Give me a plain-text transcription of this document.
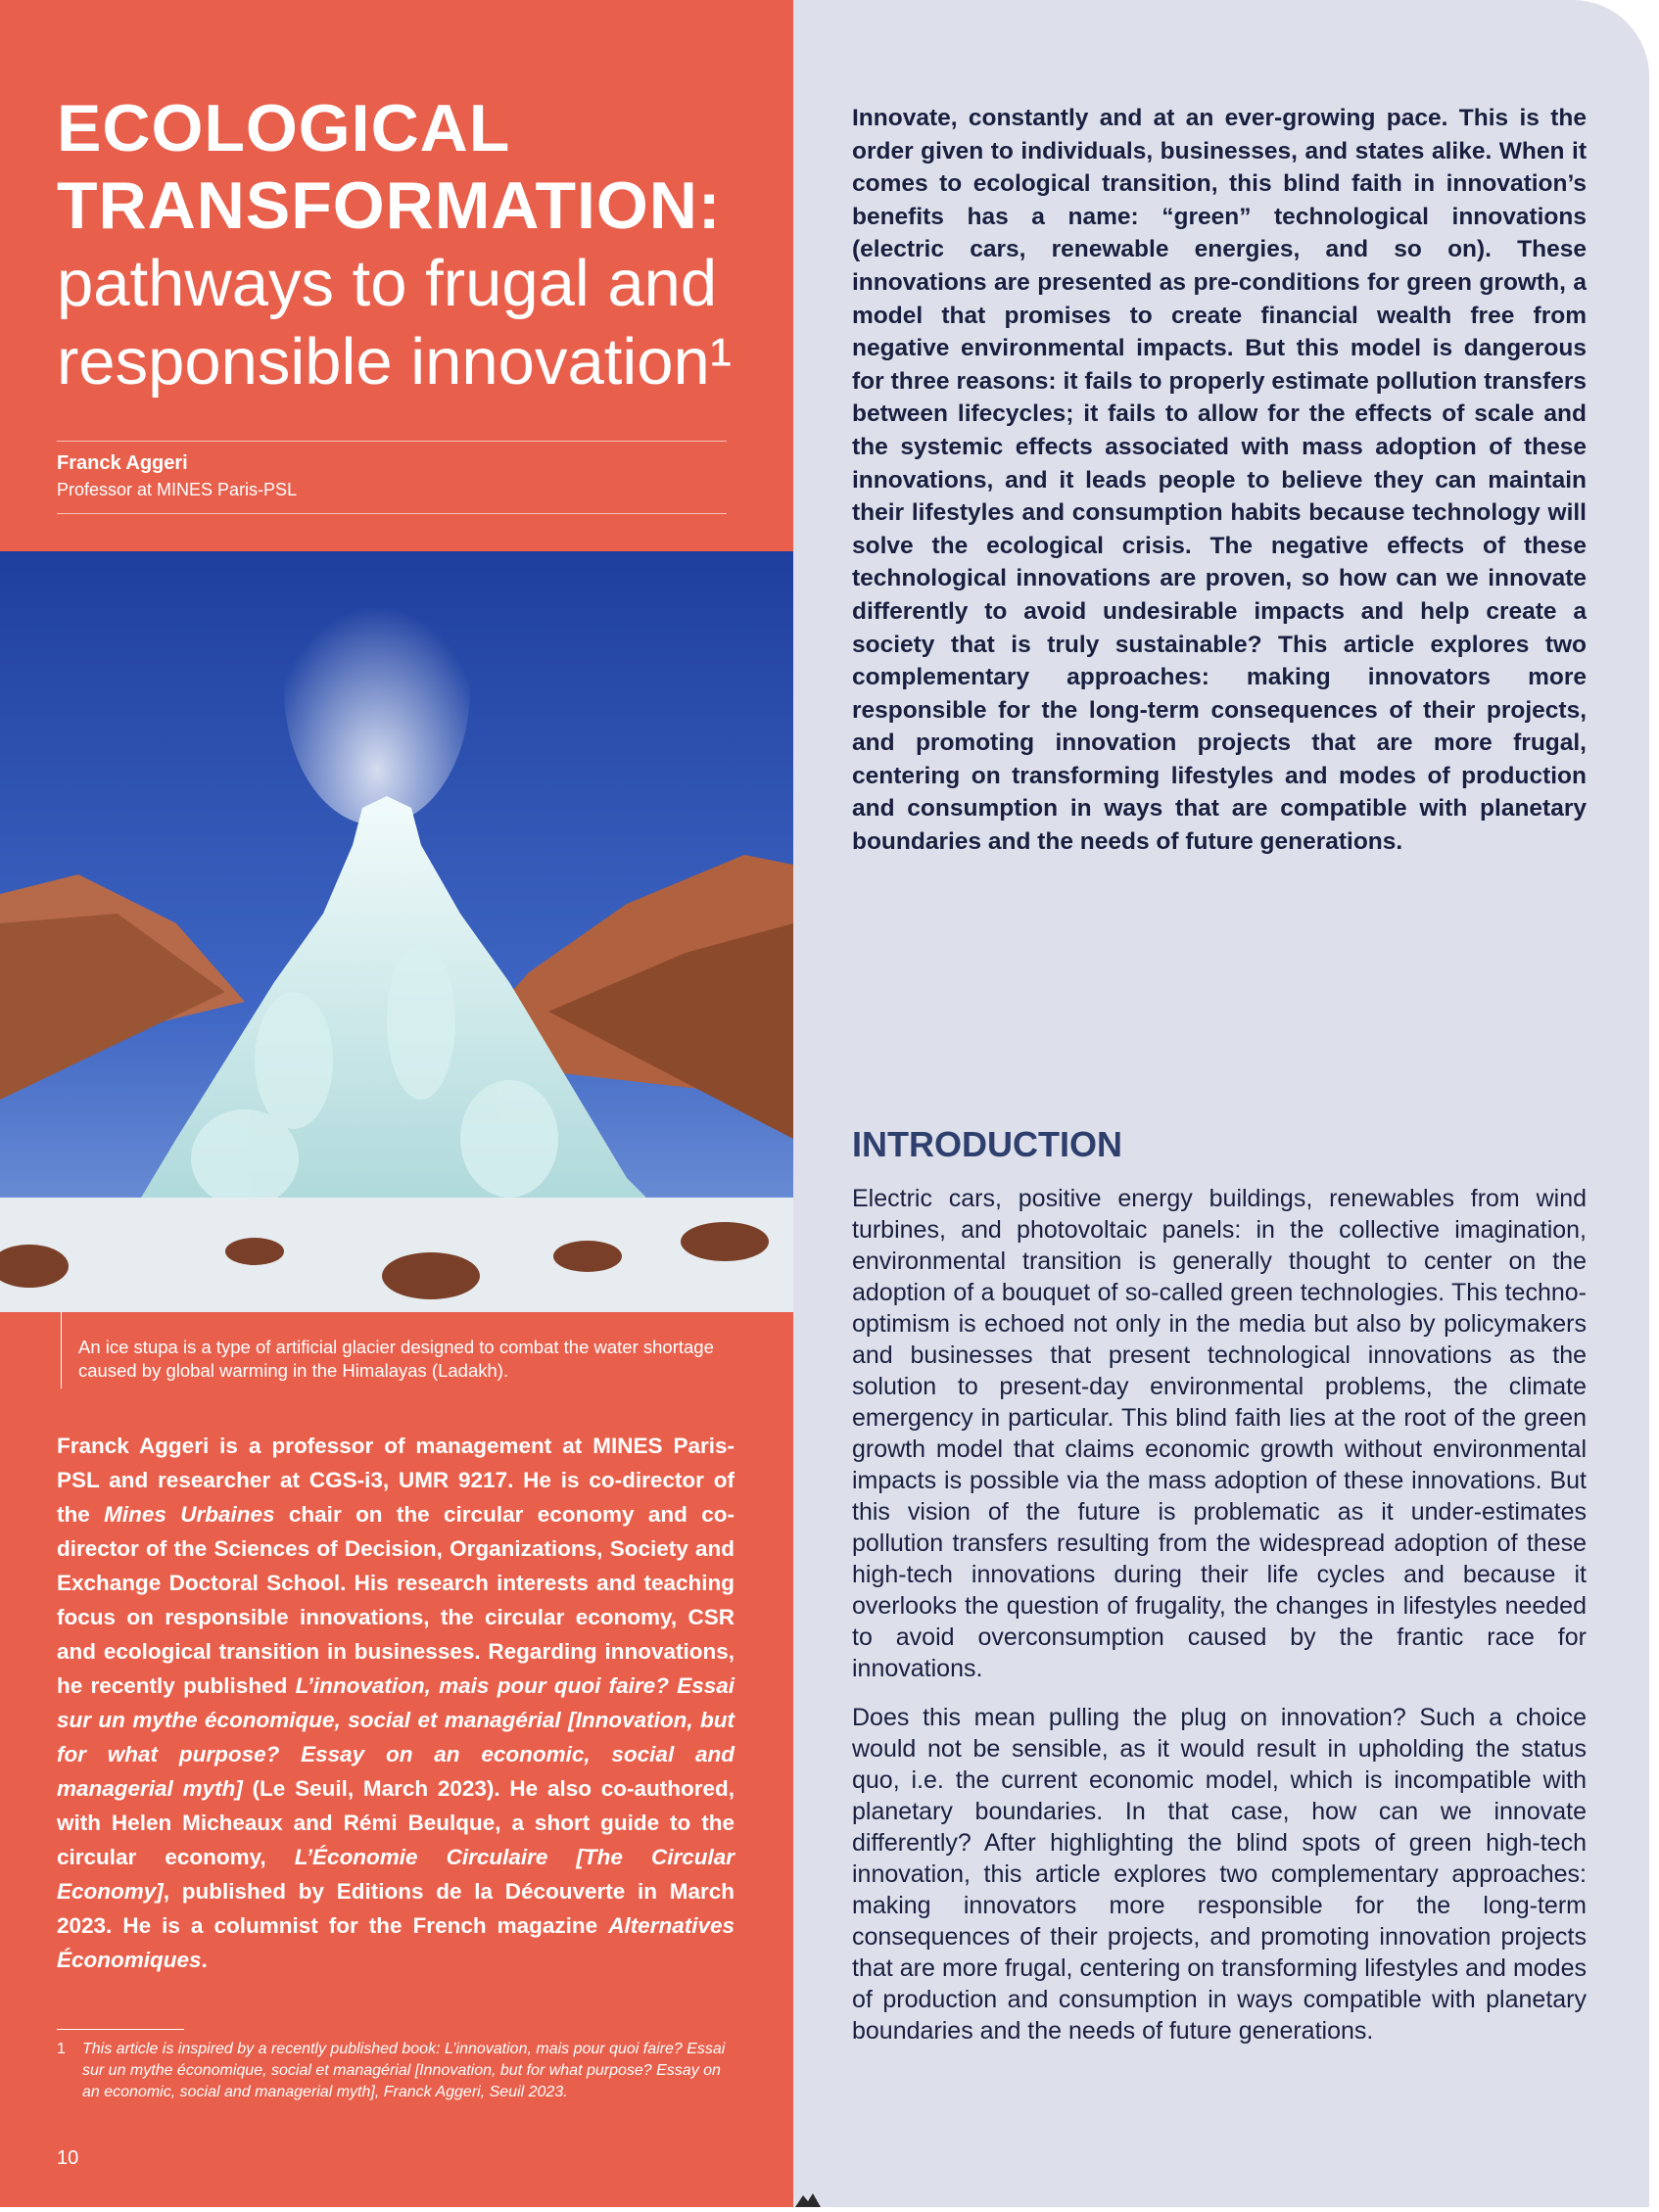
ECOLOGICAL
TRANSFORMATION:
pathways to frugal and responsible innovation¹
Franck Aggeri
Professor at MINES Paris-PSL
An ice stupa is a type of artificial glacier designed to combat the water shortage caused by global warming in the Himalayas (Ladakh).
Franck Aggeri is a professor of management at MINES Paris-PSL and researcher at CGS-i3, UMR 9217. He is co-director of the Mines Urbaines chair on the circular economy and co-director of the Sciences of Decision, Organizations, Society and Exchange Doctoral School. His research interests and teaching focus on responsible innovations, the circular economy, CSR and ecological transition in businesses. Regarding innovations, he recently published L’innovation, mais pour quoi faire? Essai sur un mythe économique, social et managérial [Innovation, but for what purpose? Essay on an economic, social and managerial myth] (Le Seuil, March 2023). He also co-authored, with Helen Micheaux and Rémi Beulque, a short guide to the circular economy, L’Économie Circulaire [The Circular Economy], published by Editions de la Découverte in March 2023. He is a columnist for the French magazine Alternatives Économiques.
1 This article is inspired by a recently published book: L’innovation, mais pour quoi faire? Essai sur un mythe économique, social et managérial [Innovation, but for what purpose? Essay on an economic, social and managerial myth], Franck Aggeri, Seuil 2023.
10
Innovate, constantly and at an ever-growing pace. This is the order given to individuals, businesses, and states alike. When it comes to ecological transition, this blind faith in innovation’s benefits has a name: “green” technological innovations (electric cars, renewable energies, and so on). These innovations are presented as pre-conditions for green growth, a model that promises to create financial wealth free from negative environmental impacts. But this model is dangerous for three reasons: it fails to properly estimate pollution transfers between lifecycles; it fails to allow for the effects of scale and the systemic effects associated with mass adoption of these innovations, and it leads people to believe they can maintain their lifestyles and consumption habits because technology will solve the ecological crisis. The negative effects of these technological innovations are proven, so how can we innovate differently to avoid undesirable impacts and help create a society that is truly sustainable? This article explores two complementary approaches: making innovators more responsible for the long-term consequences of their projects, and promoting innovation projects that are more frugal, centering on transforming lifestyles and modes of production and consumption in ways that are compatible with planetary boundaries and the needs of future generations.
INTRODUCTION

Electric cars, positive energy buildings, renewables from wind turbines, and photovoltaic panels: in the collective imagination, environmental transition is generally thought to center on the adoption of a bouquet of so-called green technologies. This techno-optimism is echoed not only in the media but also by policymakers and businesses that present technological innovations as the solution to present-day environmental problems, the climate emergency in particular. This blind faith lies at the root of the green growth model that claims economic growth without environmental impacts is possible via the mass adoption of these innovations. But this vision of the future is problematic as it under-estimates pollution transfers resulting from the widespread adoption of these high-tech innovations during their life cycles and because it overlooks the question of frugality, the changes in lifestyles needed to avoid overconsumption caused by the frantic race for innovations.

Does this mean pulling the plug on innovation? Such a choice would not be sensible, as it would result in upholding the status quo, i.e. the current economic model, which is incompatible with planetary boundaries. In that case, how can we innovate differently? After highlighting the blind spots of green high-tech innovation, this article explores two complementary approaches: making innovators more responsible for the long-term consequences of their projects, and promoting innovation projects that are more frugal, centering on transforming lifestyles and modes of production and consumption in ways compatible with planetary boundaries and the needs of future generations.
